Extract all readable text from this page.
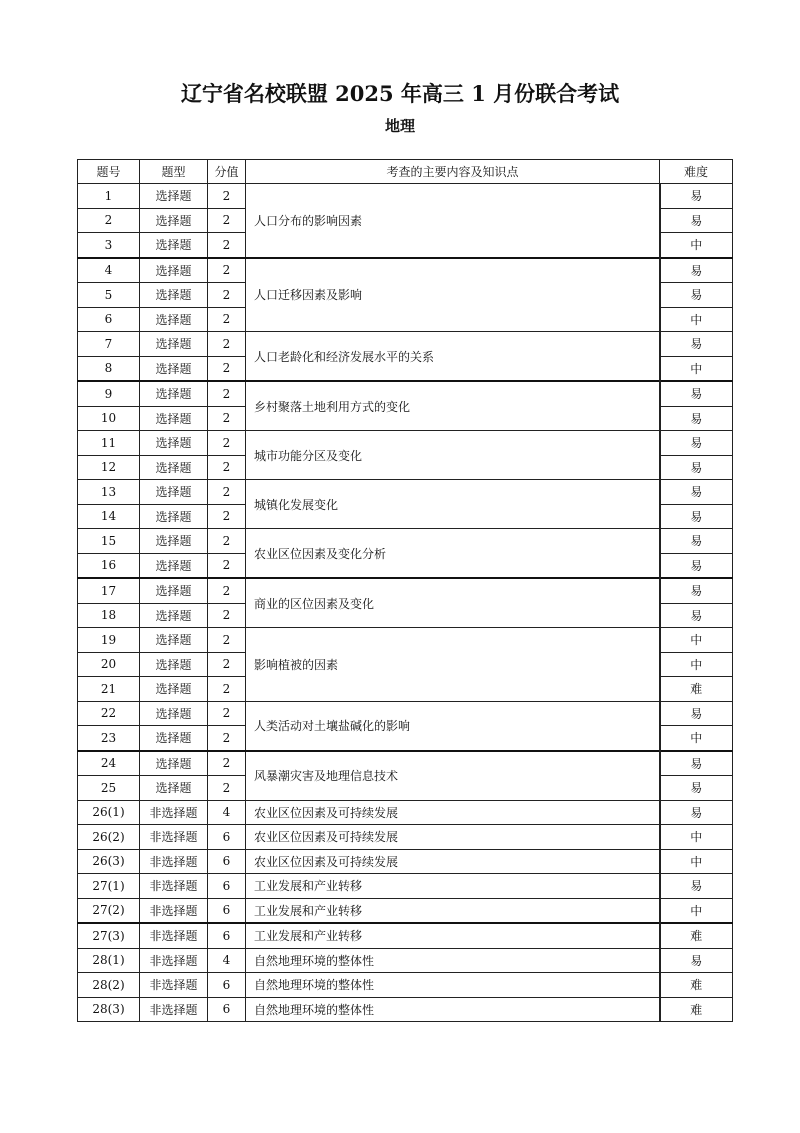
辽宁省名校联盟 2025 年高三 1 月份联合考试
地理
题号	题型	分值	考查的主要内容及知识点	难度
1	选择题	2	人口分布的影响因素	易
2	选择题	2		易
3	选择题	2		中
4	选择题	2	人口迁移因素及影响	易
5	选择题	2		易
6	选择题	2		中
7	选择题	2	人口老龄化和经济发展水平的关系	易
8	选择题	2		中
9	选择题	2	乡村聚落土地利用方式的变化	易
10	选择题	2		易
11	选择题	2	城市功能分区及变化	易
12	选择题	2		易
13	选择题	2	城镇化发展变化	易
14	选择题	2		易
15	选择题	2	农业区位因素及变化分析	易
16	选择题	2		易
17	选择题	2	商业的区位因素及变化	易
18	选择题	2		易
19	选择题	2	影响植被的因素	中
20	选择题	2		中
21	选择题	2		难
22	选择题	2	人类活动对土壤盐碱化的影响	易
23	选择题	2		中
24	选择题	2	风暴潮灾害及地理信息技术	易
25	选择题	2		易
26(1)	非选择题	4	农业区位因素及可持续发展	易
26(2)	非选择题	6	农业区位因素及可持续发展	中
26(3)	非选择题	6	农业区位因素及可持续发展	中
27(1)	非选择题	6	工业发展和产业转移	易
27(2)	非选择题	6	工业发展和产业转移	中
27(3)	非选择题	6	工业发展和产业转移	难
28(1)	非选择题	4	自然地理环境的整体性	易
28(2)	非选择题	6	自然地理环境的整体性	难
28(3)	非选择题	6	自然地理环境的整体性	难
